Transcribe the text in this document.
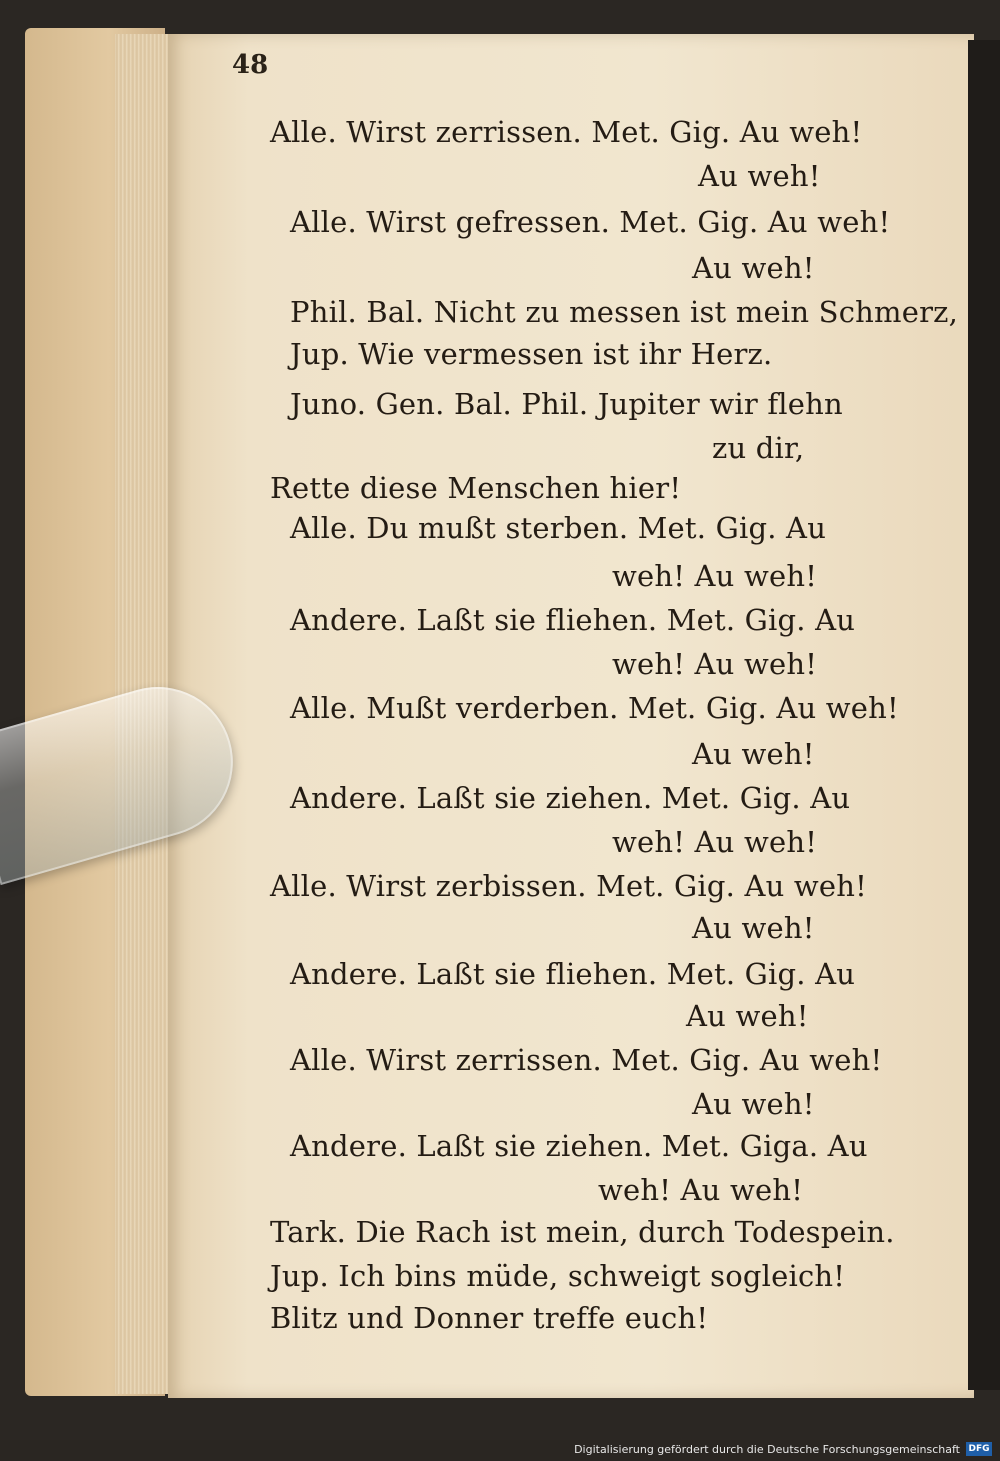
48
Alle. Wirst zerrissen. Met. Gig. Au weh!
Au weh!
Alle. Wirst gefressen. Met. Gig. Au weh!
Au weh!
Phil. Bal. Nicht zu messen ist mein Schmerz,
Jup. Wie vermessen ist ihr Herz.
Juno. Gen. Bal. Phil. Jupiter wir flehn
zu dir,
Rette diese Menschen hier!
Alle. Du mußt sterben. Met. Gig. Au
weh! Au weh!
Andere. Laßt sie fliehen. Met. Gig. Au
weh! Au weh!
Alle. Mußt verderben. Met. Gig. Au weh!
Au weh!
Andere. Laßt sie ziehen. Met. Gig. Au
weh! Au weh!
Alle. Wirst zerbissen. Met. Gig. Au weh!
Au weh!
Andere. Laßt sie fliehen. Met. Gig. Au
Au weh!
Alle. Wirst zerrissen. Met. Gig. Au weh!
Au weh!
Andere. Laßt sie ziehen. Met. Giga. Au
weh! Au weh!
Tark. Die Rach ist mein, durch Todespein.
Jup. Ich bins müde, schweigt sogleich!
Blitz und Donner treffe euch!
Digitalisierung gefördert durch die Deutsche Forschungsgemeinschaft DFG
